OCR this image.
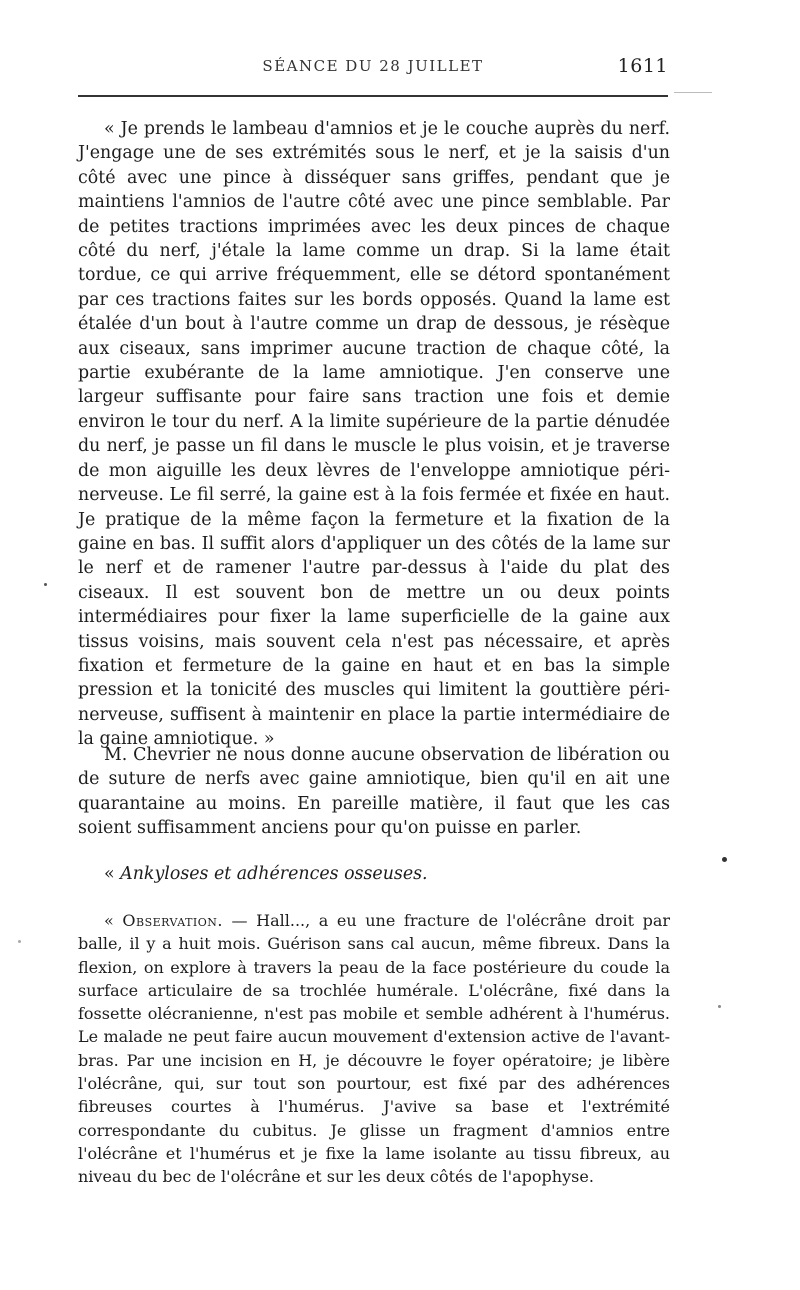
SÉANCE DU 28 JUILLET	1611

« Je prends le lambeau d'amnios et je le couche auprès du nerf. J'engage une de ses extrémités sous le nerf, et je la saisis d'un côté avec une pince à disséquer sans griffes, pendant que je maintiens l'amnios de l'autre côté avec une pince semblable. Par de petites tractions imprimées avec les deux pinces de chaque côté du nerf, j'étale la lame comme un drap. Si la lame était tordue, ce qui arrive fréquemment, elle se détord spontanément par ces tractions faites sur les bords opposés. Quand la lame est étalée d'un bout à l'autre comme un drap de dessous, je résèque aux ciseaux, sans imprimer aucune traction de chaque côté, la partie exubérante de la lame amniotique. J'en conserve une largeur suffisante pour faire sans traction une fois et demie environ le tour du nerf. A la limite supérieure de la partie dénudée du nerf, je passe un fil dans le muscle le plus voisin, et je traverse de mon aiguille les deux lèvres de l'enveloppe amniotique péri-nerveuse. Le fil serré, la gaine est à la fois fermée et fixée en haut. Je pratique de la même façon la fermeture et la fixation de la gaine en bas. Il suffit alors d'appliquer un des côtés de la lame sur le nerf et de ramener l'autre par-dessus à l'aide du plat des ciseaux. Il est souvent bon de mettre un ou deux points intermédiaires pour fixer la lame superficielle de la gaine aux tissus voisins, mais souvent cela n'est pas nécessaire, et après fixation et fermeture de la gaine en haut et en bas la simple pression et la tonicité des muscles qui limitent la gouttière péri-nerveuse, suffisent à maintenir en place la partie intermédiaire de la gaine amniotique. »

M. Chevrier ne nous donne aucune observation de libération ou de suture de nerfs avec gaine amniotique, bien qu'il en ait une quarantaine au moins. En pareille matière, il faut que les cas soient suffisamment anciens pour qu'on puisse en parler.

« Ankyloses et adhérences osseuses.

« Observation. — Hall..., a eu une fracture de l'olécrâne droit par balle, il y a huit mois. Guérison sans cal aucun, même fibreux. Dans la flexion, on explore à travers la peau de la face postérieure du coude la surface articulaire de sa trochlée humérale. L'olécrâne, fixé dans la fossette olécranienne, n'est pas mobile et semble adhérent à l'humérus. Le malade ne peut faire aucun mouvement d'extension active de l'avant-bras. Par une incision en H, je découvre le foyer opératoire; je libère l'olécrâne, qui, sur tout son pourtour, est fixé par des adhérences fibreuses courtes à l'humérus. J'avive sa base et l'extrémité correspondante du cubitus. Je glisse un fragment d'amnios entre l'olécrâne et l'humérus et je fixe la lame isolante au tissu fibreux, au niveau du bec de l'olécrâne et sur les deux côtés de l'apophyse.
